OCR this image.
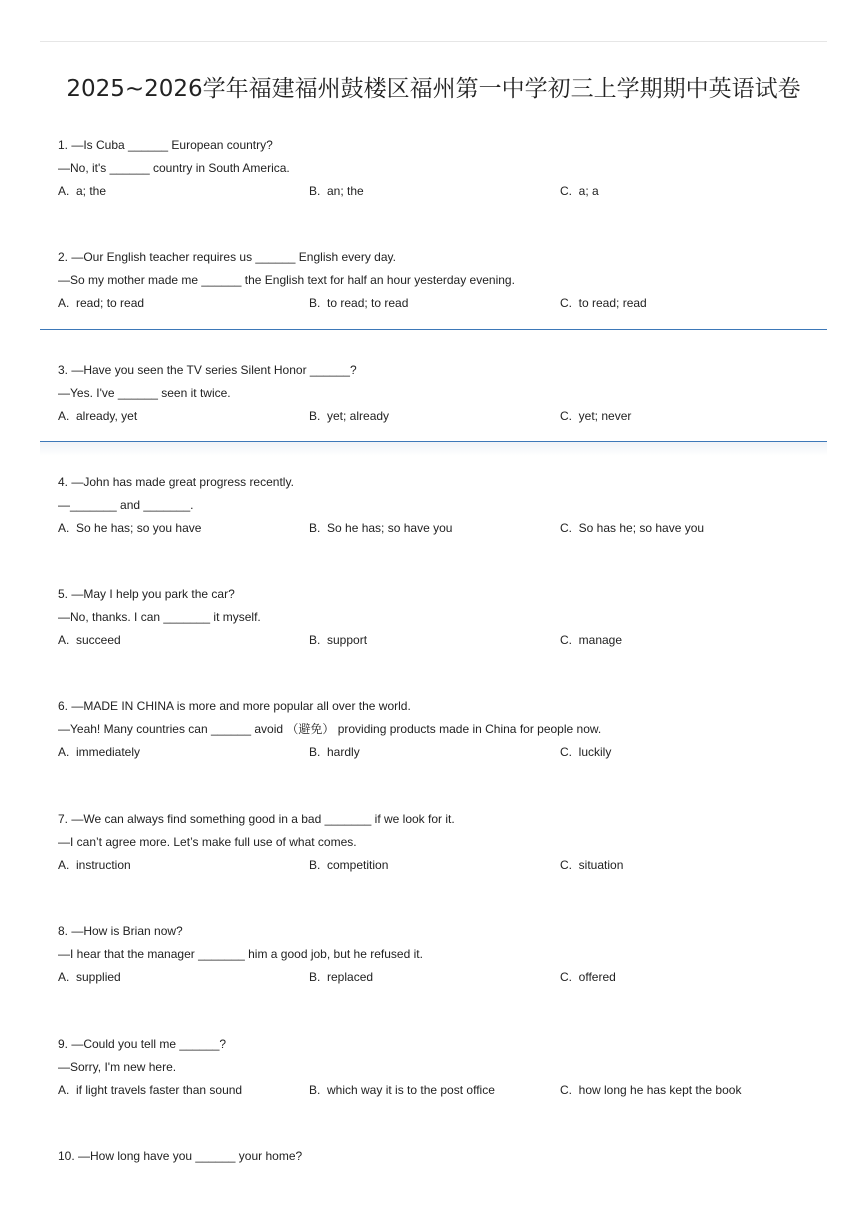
2025~2026学年福建福州鼓楼区福州第一中学初三上学期期中英语试卷
1. —Is Cuba ______ European country?
—No, it's ______ country in South America.
A.  a; the	B.  an; the	C.  a; a
2. —Our English teacher requires us ______ English every day.
—So my mother made me ______ the English text for half an hour yesterday evening.
A.  read; to read	B.  to read; to read	C.  to read; read
3. —Have you seen the TV series Silent Honor ______?
—Yes. I've ______ seen it twice.
A.  already, yet	B.  yet; already	C.  yet; never
4. —John has made great progress recently.
—_______ and _______.
A.  So he has; so you have	B.  So he has; so have you	C.  So has he; so have you
5. —May I help you park the car?
—No, thanks. I can _______ it myself.
A.  succeed	B.  support	C.  manage
6. —MADE IN CHINA is more and more popular all over the world.
—Yeah! Many countries can ______ avoid （避免） providing products made in China for people now.
A.  immediately	B.  hardly	C.  luckily
7. —We can always find something good in a bad _______ if we look for it.
—I can’t agree more. Let’s make full use of what comes.
A.  instruction	B.  competition	C.  situation
8. —How is Brian now?
—I hear that the manager _______ him a good job, but he refused it.
A.  supplied	B.  replaced	C.  offered
9. —Could you tell me ______?
—Sorry, I'm new here.
A.  if light travels faster than sound	B.  which way it is to the post office	C.  how long he has kept the book
10. —How long have you ______ your home?
